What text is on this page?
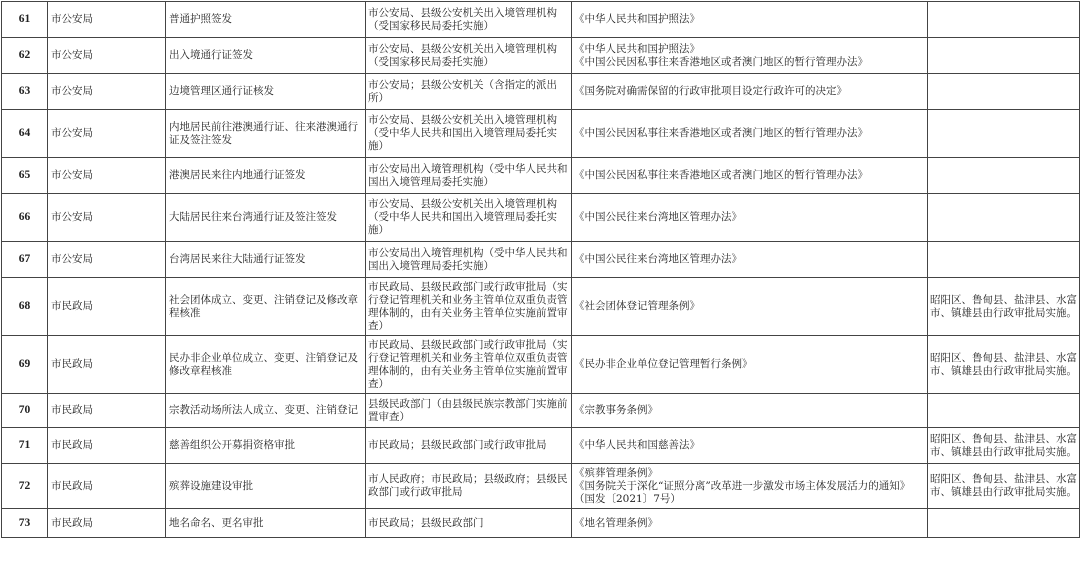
61	市公安局	普通护照签发	市公安局、县级公安机关出入境管理机构（受国家移民局委托实施）	《中华人民共和国护照法》	

62	市公安局	出入境通行证签发	市公安局、县级公安机关出入境管理机构（受国家移民局委托实施）	《中华人民共和国护照法》
《中国公民因私事往来香港地区或者澳门地区的暂行管理办法》	

63	市公安局	边境管理区通行证核发	市公安局；县级公安机关（含指定的派出所）	《国务院对确需保留的行政审批项目设定行政许可的决定》	

64	市公安局	内地居民前往港澳通行证、往来港澳通行证及签注签发	市公安局、县级公安机关出入境管理机构（受中华人民共和国出入境管理局委托实施）	《中国公民因私事往来香港地区或者澳门地区的暂行管理办法》	

65	市公安局	港澳居民来往内地通行证签发	市公安局出入境管理机构（受中华人民共和国出入境管理局委托实施）	《中国公民因私事往来香港地区或者澳门地区的暂行管理办法》	

66	市公安局	大陆居民往来台湾通行证及签注签发	市公安局、县级公安机关出入境管理机构（受中华人民共和国出入境管理局委托实施）	《中国公民往来台湾地区管理办法》	

67	市公安局	台湾居民来往大陆通行证签发	市公安局出入境管理机构（受中华人民共和国出入境管理局委托实施）	《中国公民往来台湾地区管理办法》	

68	市民政局	社会团体成立、变更、注销登记及修改章程核准	市民政局、县级民政部门或行政审批局（实行登记管理机关和业务主管单位双重负责管理体制的，由有关业务主管单位实施前置审查）	《社会团体登记管理条例》	昭阳区、鲁甸县、盐津县、水富市、镇雄县由行政审批局实施。
69	市民政局	民办非企业单位成立、变更、注销登记及修改章程核准	市民政局、县级民政部门或行政审批局（实行登记管理机关和业务主管单位双重负责管理体制的，由有关业务主管单位实施前置审查）	《民办非企业单位登记管理暂行条例》	昭阳区、鲁甸县、盐津县、水富市、镇雄县由行政审批局实施。
70	市民政局	宗教活动场所法人成立、变更、注销登记	县级民政部门（由县级民族宗教部门实施前置审查）	《宗教事务条例》	

71	市民政局	慈善组织公开募捐资格审批	市民政局；县级民政部门或行政审批局	《中华人民共和国慈善法》	昭阳区、鲁甸县、盐津县、水富市、镇雄县由行政审批局实施。
72	市民政局	殡葬设施建设审批	市人民政府；市民政局；县级政府；县级民政部门或行政审批局	《殡葬管理条例》
《国务院关于深化“证照分离”改革进一步激发市场主体发展活力的通知》（国发〔2021〕7号）	昭阳区、鲁甸县、盐津县、水富市、镇雄县由行政审批局实施。
73	市民政局	地名命名、更名审批	市民政局；县级民政部门	《地名管理条例》	
